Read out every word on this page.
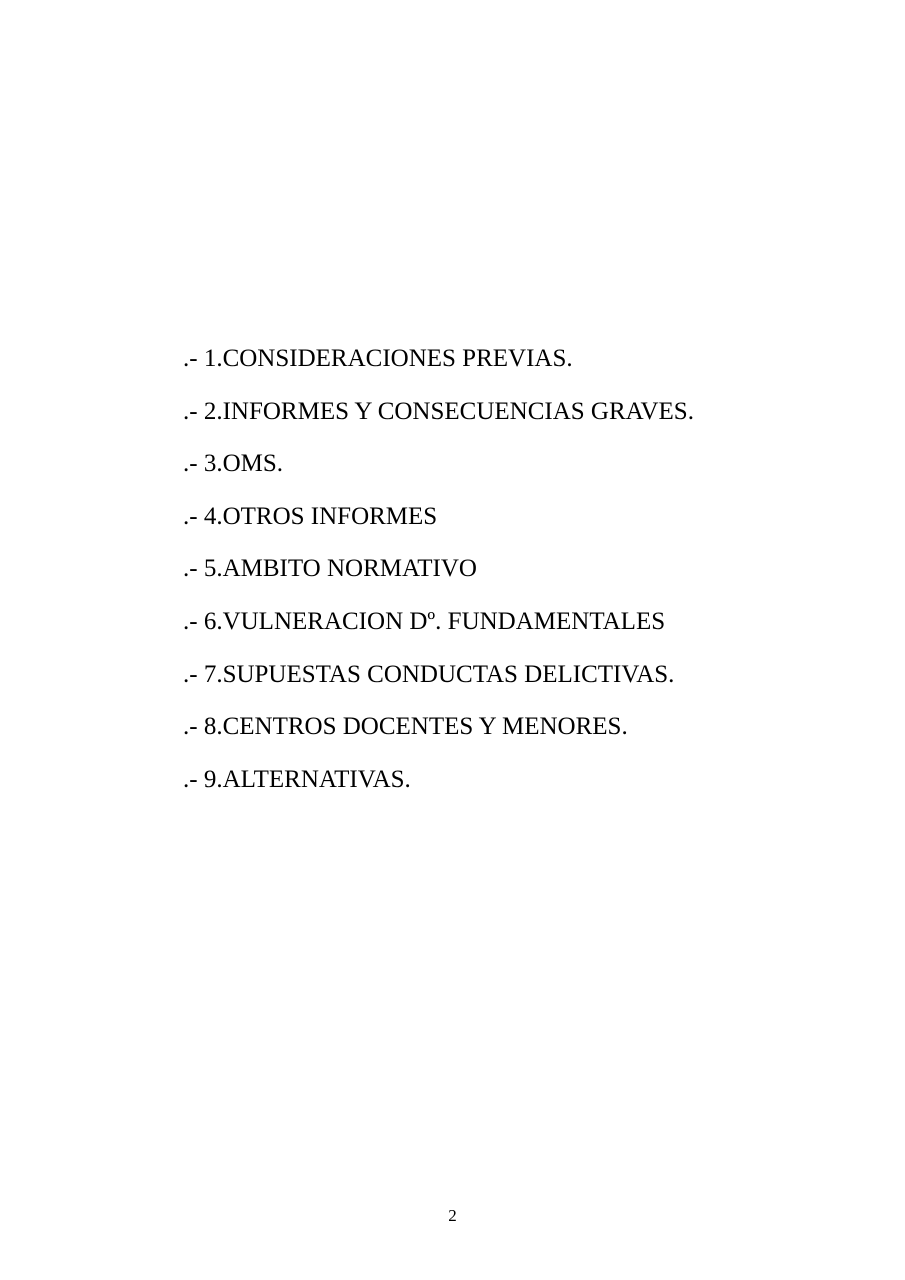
.- 1.CONSIDERACIONES PREVIAS.
.- 2.INFORMES Y CONSECUENCIAS GRAVES.
.- 3.OMS.
.- 4.OTROS INFORMES
.- 5.AMBITO NORMATIVO
.- 6.VULNERACION Dº. FUNDAMENTALES
.- 7.SUPUESTAS CONDUCTAS DELICTIVAS.
.- 8.CENTROS DOCENTES Y MENORES.
.- 9.ALTERNATIVAS.
2
